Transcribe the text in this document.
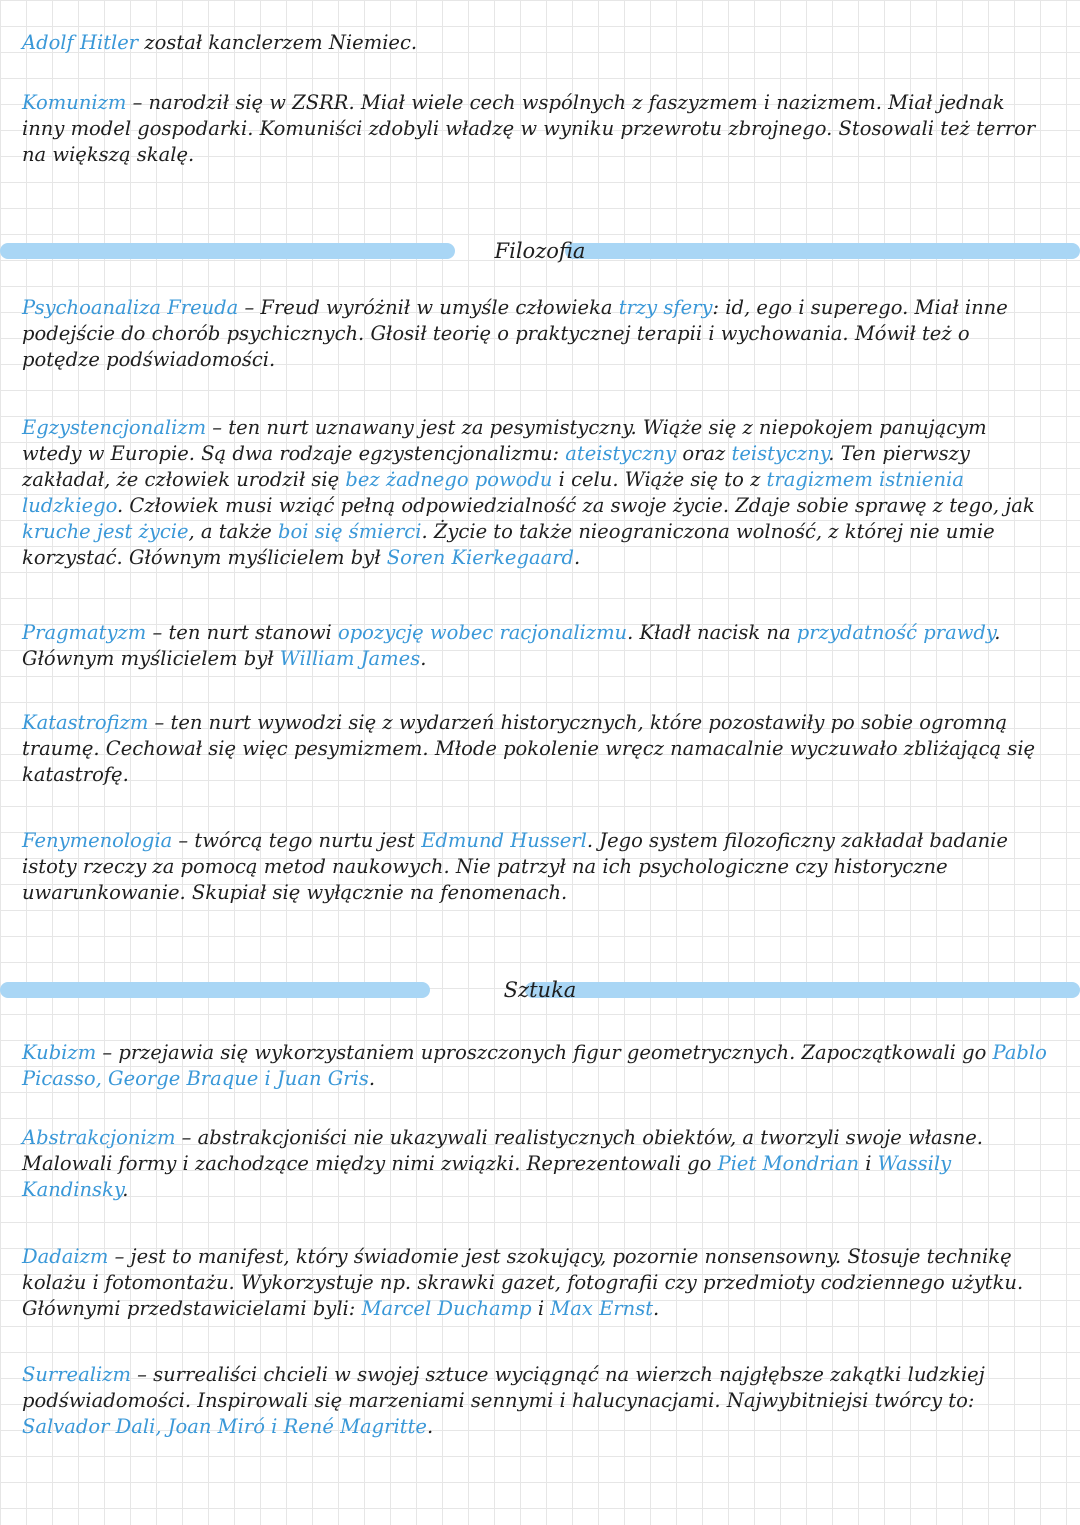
Adolf Hitler został kanclerzem Niemiec.
Komunizm – narodził się w ZSRR. Miał wiele cech wspólnych z faszyzmem i nazizmem. Miał jednak inny model gospodarki. Komuniści zdobyli władzę w wyniku przewrotu zbrojnego. Stosowali też terror na większą skalę.
Filozofia
Psychoanaliza Freuda – Freud wyróżnił w umyśle człowieka trzy sfery: id, ego i superego. Miał inne podejście do chorób psychicznych. Głosił teorię o praktycznej terapii i wychowania. Mówił też o potędze podświadomości.
Egzystencjonalizm – ten nurt uznawany jest za pesymistyczny. Wiąże się z niepokojem panującym wtedy w Europie. Są dwa rodzaje egzystencjonalizmu: ateistyczny oraz teistyczny. Ten pierwszy zakładał, że człowiek urodził się bez żadnego powodu i celu. Wiąże się to z tragizmem istnienia ludzkiego. Człowiek musi wziąć pełną odpowiedzialność za swoje życie. Zdaje sobie sprawę z tego, jak kruche jest życie, a także boi się śmierci. Życie to także nieograniczona wolność, z której nie umie korzystać. Głównym myślicielem był Soren Kierkegaard.
Pragmatyzm – ten nurt stanowi opozycję wobec racjonalizmu. Kładł nacisk na przydatność prawdy. Głównym myślicielem był William James.
Katastrofizm – ten nurt wywodzi się z wydarzeń historycznych, które pozostawiły po sobie ogromną traumę. Cechował się więc pesymizmem. Młode pokolenie wręcz namacalnie wyczuwało zbliżającą się katastrofę.
Fenymenologia – twórcą tego nurtu jest Edmund Husserl. Jego system filozoficzny zakładał badanie istoty rzeczy za pomocą metod naukowych. Nie patrzył na ich psychologiczne czy historyczne uwarunkowanie. Skupiał się wyłącznie na fenomenach.
Sztuka
Kubizm – przejawia się wykorzystaniem uproszczonych figur geometrycznych. Zapoczątkowali go Pablo Picasso, George Braque i Juan Gris.
Abstrakcjonizm – abstrakcjoniści nie ukazywali realistycznych obiektów, a tworzyli swoje własne. Malowali formy i zachodzące między nimi związki. Reprezentowali go Piet Mondrian i Wassily Kandinsky.
Dadaizm – jest to manifest, który świadomie jest szokujący, pozornie nonsensowny. Stosuje technikę kolażu i fotomontażu. Wykorzystuje np. skrawki gazet, fotografii czy przedmioty codziennego użytku. Głównymi przedstawicielami byli: Marcel Duchamp i Max Ernst.
Surrealizm – surrealiści chcieli w swojej sztuce wyciągnąć na wierzch najgłębsze zakątki ludzkiej podświadomości. Inspirowali się marzeniami sennymi i halucynacjami. Najwybitniejsi twórcy to: Salvador Dali, Joan Miró i René Magritte.
